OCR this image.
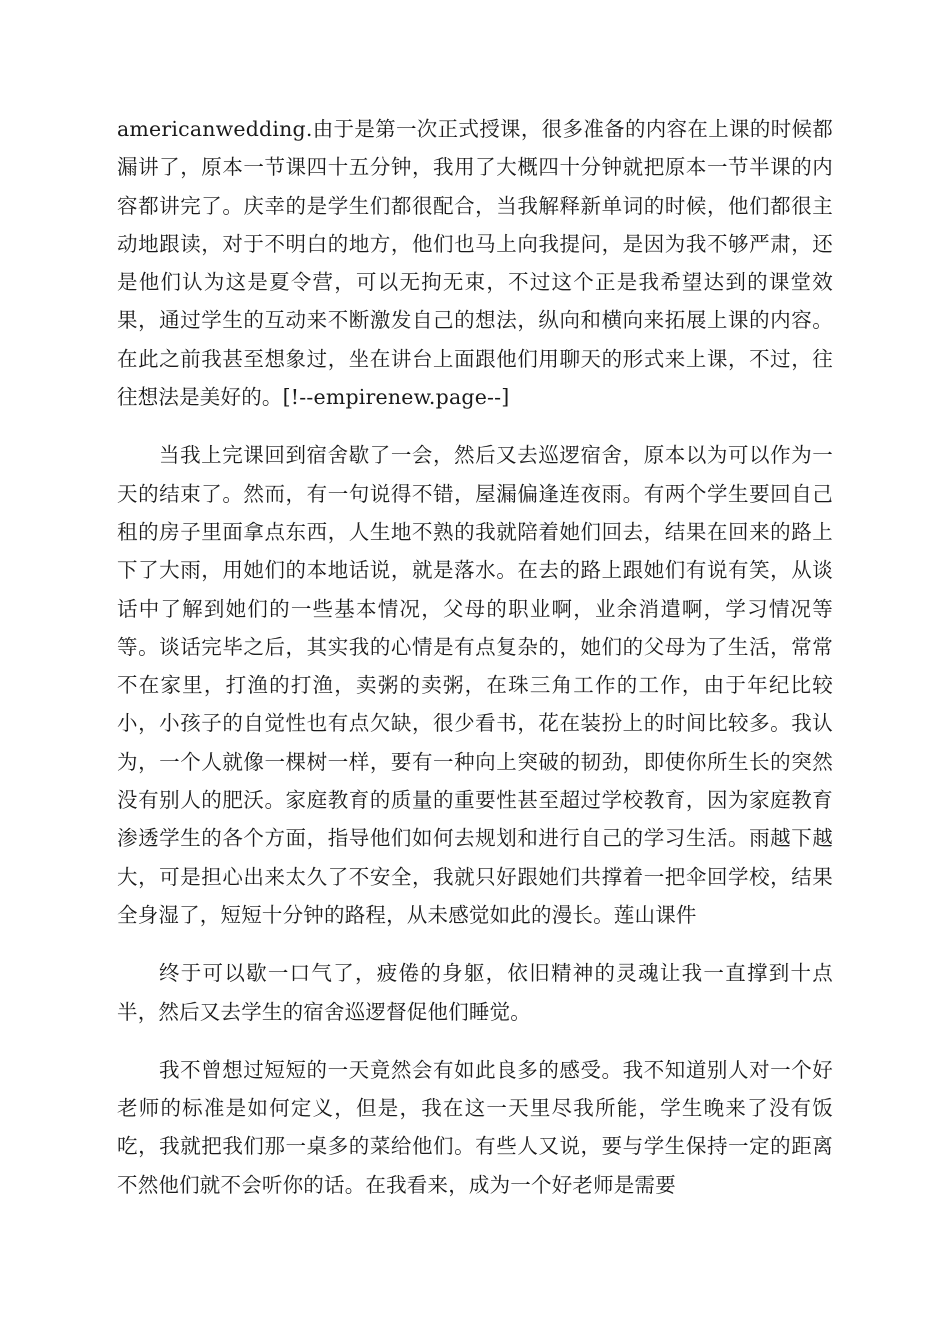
americanwedding.由于是第一次正式授课，很多准备的内容在上课的时候都漏讲了，原本一节课四十五分钟，我用了大概四十分钟就把原本一节半课的内容都讲完了。庆幸的是学生们都很配合，当我解释新单词的时候，他们都很主动地跟读，对于不明白的地方，他们也马上向我提问，是因为我不够严肃，还是他们认为这是夏令营，可以无拘无束，不过这个正是我希望达到的课堂效果，通过学生的互动来不断激发自己的想法，纵向和横向来拓展上课的内容。在此之前我甚至想象过，坐在讲台上面跟他们用聊天的形式来上课，不过，往往想法是美好的。[!--empirenew.page--]

当我上完课回到宿舍歇了一会，然后又去巡逻宿舍，原本以为可以作为一天的结束了。然而，有一句说得不错，屋漏偏逢连夜雨。有两个学生要回自己租的房子里面拿点东西，人生地不熟的我就陪着她们回去，结果在回来的路上下了大雨，用她们的本地话说，就是落水。在去的路上跟她们有说有笑，从谈话中了解到她们的一些基本情况，父母的职业啊，业余消遣啊，学习情况等等。谈话完毕之后，其实我的心情是有点复杂的，她们的父母为了生活，常常不在家里，打渔的打渔，卖粥的卖粥，在珠三角工作的工作，由于年纪比较小，小孩子的自觉性也有点欠缺，很少看书，花在装扮上的时间比较多。我认为，一个人就像一棵树一样，要有一种向上突破的韧劲，即使你所生长的突然没有别人的肥沃。家庭教育的质量的重要性甚至超过学校教育，因为家庭教育渗透学生的各个方面，指导他们如何去规划和进行自己的学习生活。雨越下越大，可是担心出来太久了不安全，我就只好跟她们共撑着一把伞回学校，结果全身湿了，短短十分钟的路程，从未感觉如此的漫长。莲山课件

终于可以歇一口气了，疲倦的身躯，依旧精神的灵魂让我一直撑到十点半，然后又去学生的宿舍巡逻督促他们睡觉。

我不曾想过短短的一天竟然会有如此良多的感受。我不知道别人对一个好老师的标准是如何定义，但是，我在这一天里尽我所能，学生晚来了没有饭吃，我就把我们那一桌多的菜给他们。有些人又说，要与学生保持一定的距离不然他们就不会听你的话。在我看来，成为一个好老师是需要
